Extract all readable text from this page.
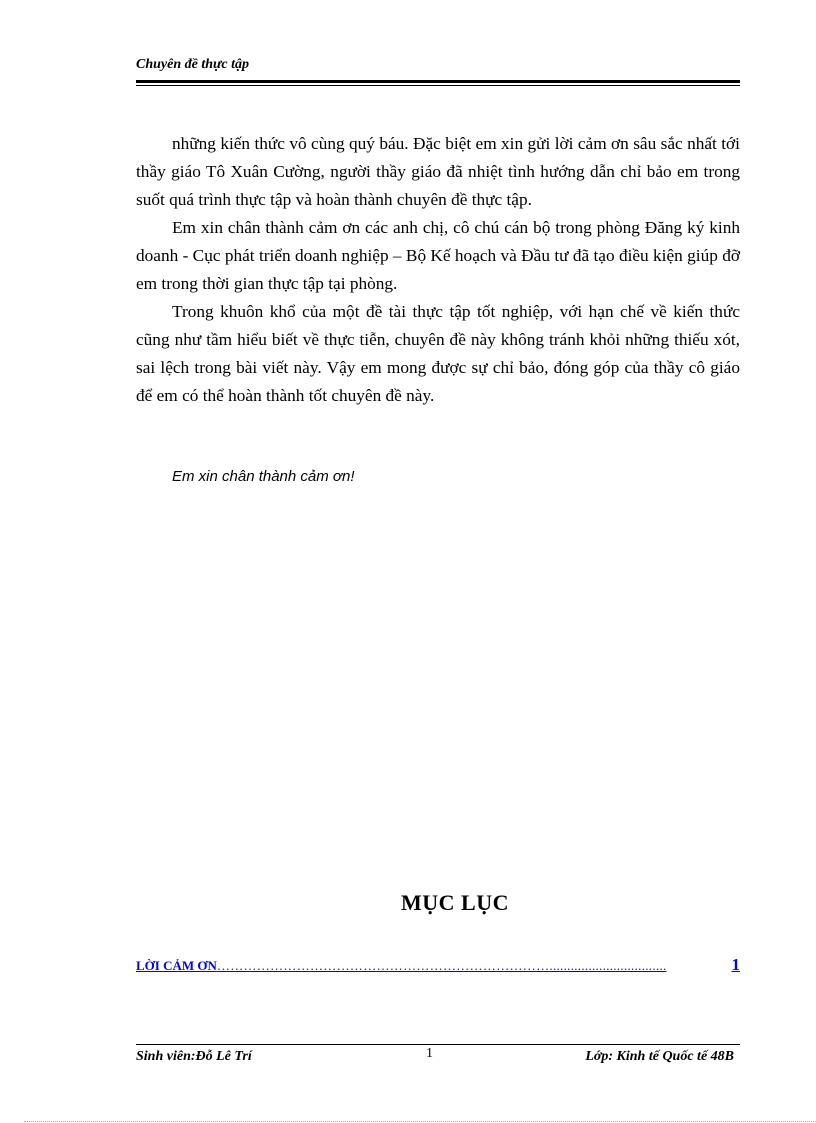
Chuyên đề thực tập

những kiến thức vô cùng quý báu. Đặc biệt em xin gửi lời cảm ơn sâu sắc nhất tới thầy giáo Tô Xuân Cường, người thầy giáo đã nhiệt tình hướng dẫn chỉ bảo em trong suốt quá trình thực tập và hoàn thành chuyên đề thực tập.

Em xin chân thành cảm ơn các anh chị, cô chú cán bộ trong phòng Đăng ký kinh doanh - Cục phát triển doanh nghiệp – Bộ Kế hoạch và Đầu tư đã tạo điều kiện giúp đỡ em trong thời gian thực tập tại phòng.

Trong khuôn khổ của một đề tài thực tập tốt nghiệp, với hạn chế về kiến thức cũng như tầm hiểu biết về thực tiễn, chuyên đề này không tránh khỏi những thiếu xót, sai lệch trong bài viết này. Vậy em mong được sự chỉ bảo, đóng góp của thầy cô giáo để em có thể hoàn thành tốt chuyên đề này.

Em xin chân thành cảm ơn!
MỤC LỤC
LỜI CẢM ƠN ………………………………………………………………….................................	1
Sinh viên:Đỗ Lê Trí	1	Lớp: Kinh tế Quốc tế 48B
